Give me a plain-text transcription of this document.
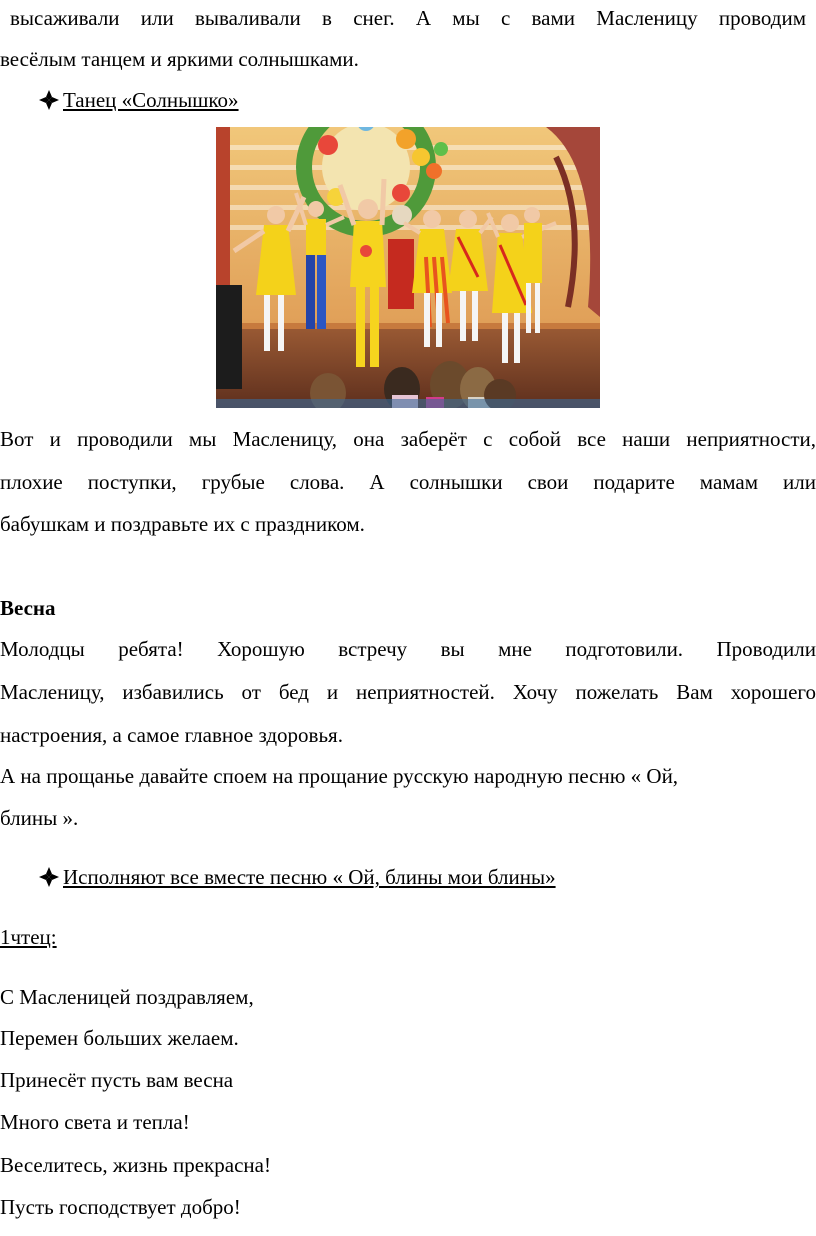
высаживали или вываливали в снег. А мы с вами Масленицу проводим
весёлым танцем и яркими солнышками.
Танец «Солнышко»
Вот и проводили мы Масленицу, она заберёт с собой все наши неприятности,
плохие поступки, грубые слова. А солнышки свои подарите мамам или
бабушкам и поздравьте их с праздником.
Весна
Молодцы ребята! Хорошую встречу вы мне подготовили. Проводили
Масленицу, избавились от бед и неприятностей. Хочу пожелать Вам хорошего
настроения, а самое главное здоровья.
А на прощанье давайте споем на прощание русскую народную песню « Ой,
блины ».
Исполняют все вместе песню « Ой, блины мои блины»
1чтец:
С Масленицей поздравляем,
Перемен больших желаем.
Принесёт пусть вам весна
Много света и тепла!
Веселитесь, жизнь прекрасна!
Пусть господствует добро!
